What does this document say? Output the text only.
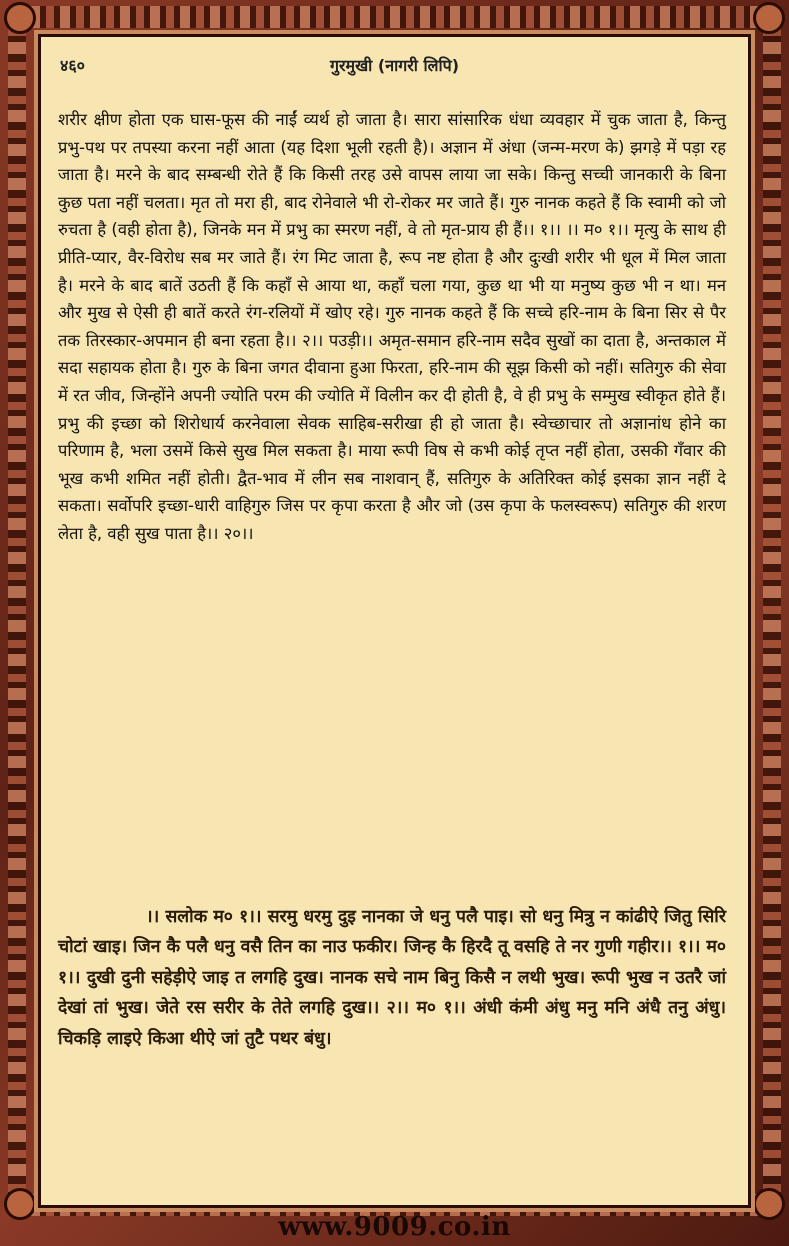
४६०	गुरमुखी (नागरी लिपि)

शरीर क्षीण होता एक घास-फूस की नाईं व्यर्थ हो जाता है। सारा सांसारिक धंधा व्यवहार में चुक जाता है, किन्तु प्रभु-पथ पर तपस्या करना नहीं आता (यह दिशा भूली रहती है)। अज्ञान में अंधा (जन्म-मरण के) झगड़े में पड़ा रह जाता है। मरने के बाद सम्बन्धी रोते हैं कि किसी तरह उसे वापस लाया जा सके। किन्तु सच्ची जानकारी के बिना कुछ पता नहीं चलता। मृत तो मरा ही, बाद रोनेवाले भी रो-रोकर मर जाते हैं। गुरु नानक कहते हैं कि स्वामी को जो रुचता है (वही होता है), जिनके मन में प्रभु का स्मरण नहीं, वे तो मृत-प्राय ही हैं।। १।। ।। म० १।। मृत्यु के साथ ही प्रीति-प्यार, वैर-विरोध सब मर जाते हैं। रंग मिट जाता है, रूप नष्ट होता है और दुःखी शरीर भी धूल में मिल जाता है। मरने के बाद बातें उठती हैं कि कहाँ से आया था, कहाँ चला गया, कुछ था भी या मनुष्य कुछ भी न था। मन और मुख से ऐसी ही बातें करते रंग-रलियों में खोए रहे। गुरु नानक कहते हैं कि सच्चे हरि-नाम के बिना सिर से पैर तक तिरस्कार-अपमान ही बना रहता है।। २।। पउड़ी।। अमृत-समान हरि-नाम सदैव सुखों का दाता है, अन्तकाल में सदा सहायक होता है। गुरु के बिना जगत दीवाना हुआ फिरता, हरि-नाम की सूझ किसी को नहीं। सतिगुरु की सेवा में रत जीव, जिन्होंने अपनी ज्योति परम की ज्योति में विलीन कर दी होती है, वे ही प्रभु के सम्मुख स्वीकृत होते हैं। प्रभु की इच्छा को शिरोधार्य करनेवाला सेवक साहिब-सरीखा ही हो जाता है। स्वेच्छाचार तो अज्ञानांध होने का परिणाम है, भला उसमें किसे सुख मिल सकता है। माया रूपी विष से कभी कोई तृप्त नहीं होता, उसकी गँवार की भूख कभी शमित नहीं होती। द्वैत-भाव में लीन सब नाशवान् हैं, सतिगुरु के अतिरिक्त कोई इसका ज्ञान नहीं दे सकता। सर्वोपरि इच्छा-धारी वाहिगुरु जिस पर कृपा करता है और जो (उस कृपा के फलस्वरूप) सतिगुरु की शरण लेता है, वही सुख पाता है।। २०।।

।। सलोक म० १।। सरमु धरमु दुइ नानका जे धनु पलै पाइ। सो धनु मित्रु न कांढीऐ जितु सिरि चोटां खाइ। जिन कै पलै धनु वसै तिन का नाउ फकीर। जिन्ह कै हिरदै तू वसहि ते नर गुणी गहीर।। १।। म० १।। दुखी दुनी सहेड़ीऐ जाइ त लगहि दुख। नानक सचे नाम बिनु किसै न लथी भुख। रूपी भुख न उतरै जां देखां तां भुख। जेते रस सरीर के तेते लगहि दुख।। २।। म० १।। अंधी कंमी अंधु मनु मनि अंधै तनु अंधु। चिकड़ि लाइऐ किआ थीऐ जां तुटै पथर बंधु।

www.9009.co.in
